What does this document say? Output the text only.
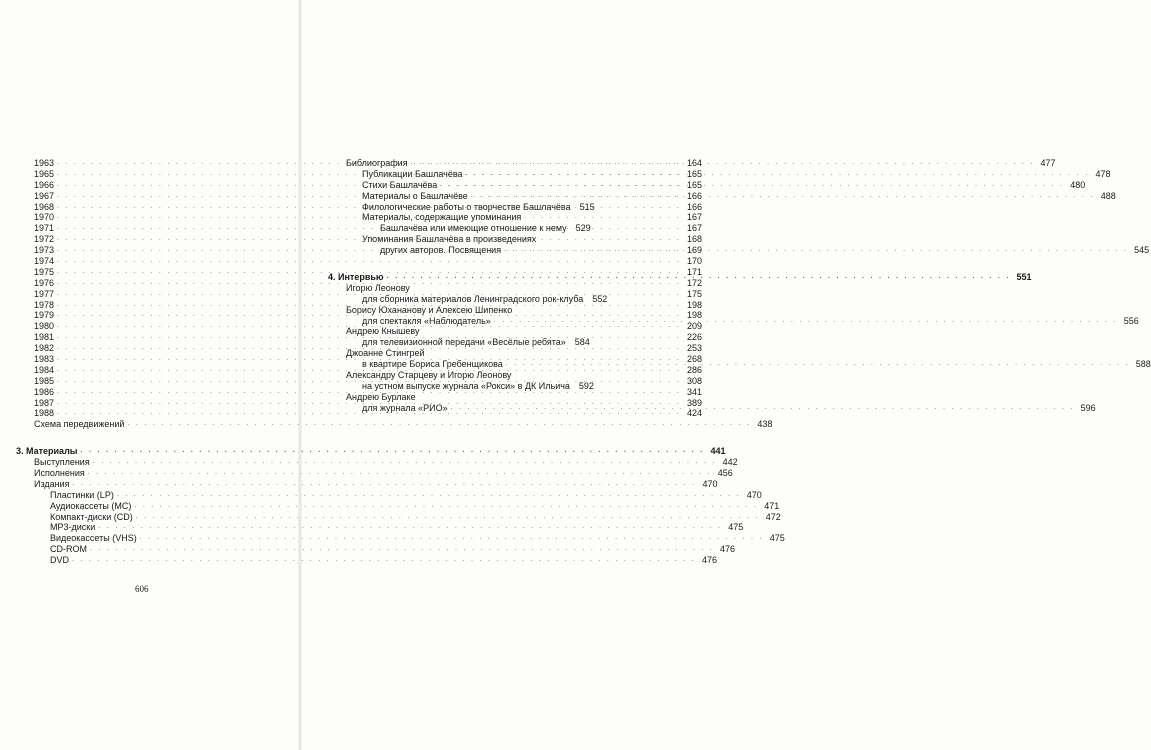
1963 . . .	164
1965 . . .	165
1966 . . .	165
1967 . . .	166
1968 . . .	166
1970 . . .	167
1971 . . .	167
1972 . . .	168
1973 . . .	169
1974 . . .	170
1975 . . .	171
1976 . . .	172
1977 . . .	175
1978 . . .	198
1979 . . .	198
1980 . . .	209
1981 . . .	226
1982 . . .	253
1983 . . .	268
1984 . . .	286
1985 . . .	308
1986 . . .	341
1987 . . .	389
1988 . . .	424
Схема передвижений . . .	438
3. Материалы . . .	441
Выступления . . .	442
Исполнения . . .	456
Издания . . .	470
Пластинки (LP) . . .	470
Аудиокассеты (MC) . . .	471
Компакт-диски (CD) . . .	472
MP3-диски . . .	475
Видеокассеты (VHS) . . .	475
CD-ROM . . .	476
DVD . . .	476
606
Библиография . . .	477
Публикации Башлачёва . . .	478
Стихи Башлачёва . . .	480
Материалы о Башлачёве . . .	488
Филологические работы о творчестве Башлачёва 515
Материалы, содержащие упоминания
Башлачёва или имеющие отношение к нему 529
Упоминания Башлачёва в произведениях
других авторов. Посвящения . . .	545
4. Интервью . . .	551
Игорю Леонову
для сборника материалов Ленинградского рок-клуба 552
Борису Юхананову и Алексею Шипенко
для спектакля «Наблюдатель» . . .	556
Андрею Кнышеву
для телевизионной передачи «Весёлые ребята» 584
Джоанне Стингрей
в квартире Бориса Гребенщикова . . .	588
Александру Старцеву и Игорю Леонову
на устном выпуске журнала «Рокси» в ДК Ильича 592
Андрею Бурлаке
для журнала «РИО» . . .	596
